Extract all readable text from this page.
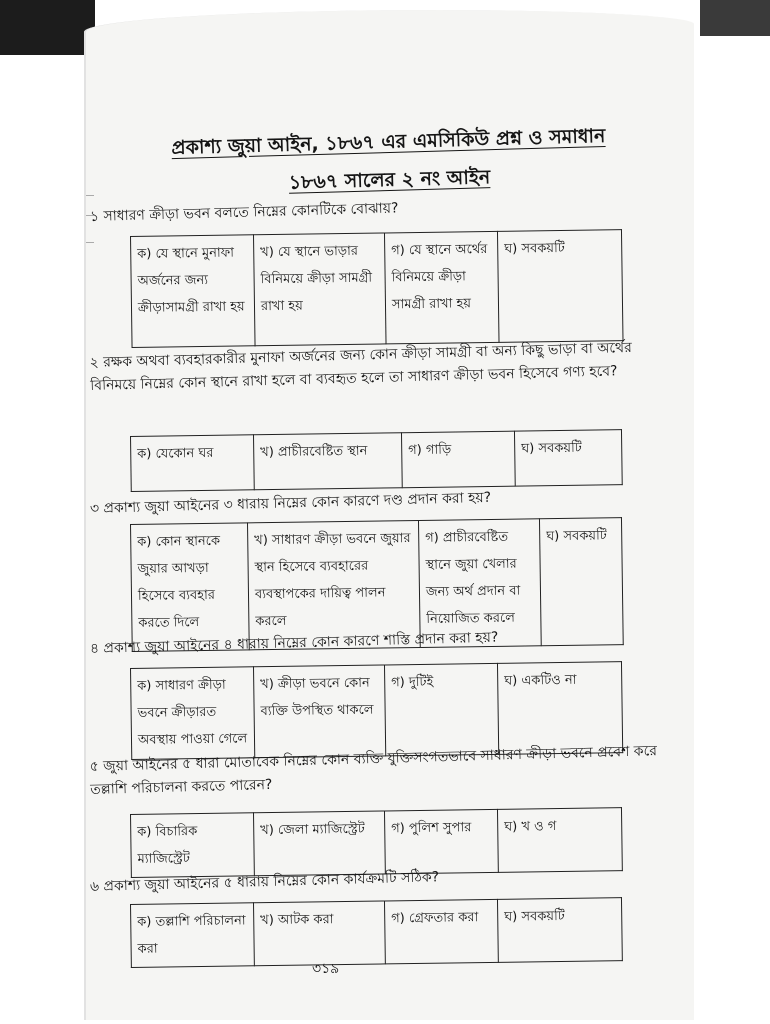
প্রকাশ্য জুয়া আইন, ১৮৬৭ এর এমসিকিউ প্রশ্ন ও সমাধান
১৮৬৭ সালের ২ নং আইন
১ সাধারণ ক্রীড়া ভবন বলতে নিম্নের কোনটিকে বোঝায়?
ক) যে স্থানে মুনাফা অর্জনের জন্য ক্রীড়াসামগ্রী রাখা হয়	খ) যে স্থানে ভাড়ার বিনিময়ে ক্রীড়া সামগ্রী রাখা হয়	গ) যে স্থানে অর্থের বিনিময়ে ক্রীড়া সামগ্রী রাখা হয়	ঘ) সবকয়টি
২ রক্ষক অথবা ব্যবহারকারীর মুনাফা অর্জনের জন্য কোন ক্রীড়া সামগ্রী বা অন্য কিছু ভাড়া বা অর্থের বিনিময়ে নিম্নের কোন স্থানে রাখা হলে বা ব্যবহৃত হলে তা সাধারণ ক্রীড়া ভবন হিসেবে গণ্য হবে?
ক) যেকোন ঘর	খ) প্রাচীরবেষ্টিত স্থান	গ) গাড়ি	ঘ) সবকয়টি
৩ প্রকাশ্য জুয়া আইনের ৩ ধারায় নিম্নের কোন কারণে দণ্ড প্রদান করা হয়?
ক) কোন স্থানকে জুয়ার আখড়া হিসেবে ব্যবহার করতে দিলে	খ) সাধারণ ক্রীড়া ভবনে জুয়ার স্থান হিসেবে ব্যবহারের ব্যবস্থাপকের দায়িত্ব পালন করলে	গ) প্রাচীরবেষ্টিত স্থানে জুয়া খেলার জন্য অর্থ প্রদান বা নিয়োজিত করলে	ঘ) সবকয়টি
৪ প্রকাশ্য জুয়া আইনের ৪ ধারায় নিম্নের কোন কারণে শাস্তি প্রদান করা হয়?
ক) সাধারণ ক্রীড়া ভবনে ক্রীড়ারত অবস্থায় পাওয়া গেলে	খ) ক্রীড়া ভবনে কোন ব্যক্তি উপস্থিত থাকলে	গ) দুটিই	ঘ) একটিও না
৫ জুয়া আইনের ৫ ধারা মোতাবেক নিম্নের কোন ব্যক্তি যুক্তিসংগতভাবে সাধারণ ক্রীড়া ভবনে প্রবেশ করে তল্লাশি পরিচালনা করতে পারেন?
ক) বিচারিক ম্যাজিস্ট্রেট	খ) জেলা ম্যাজিস্ট্রেট	গ) পুলিশ সুপার	ঘ) খ ও গ
৬ প্রকাশ্য জুয়া আইনের ৫ ধারায় নিম্নের কোন কার্যক্রমটি সঠিক?
ক) তল্লাশি পরিচালনা করা	খ) আটক করা	গ) গ্রেফতার করা	ঘ) সবকয়টি
৩১৯
